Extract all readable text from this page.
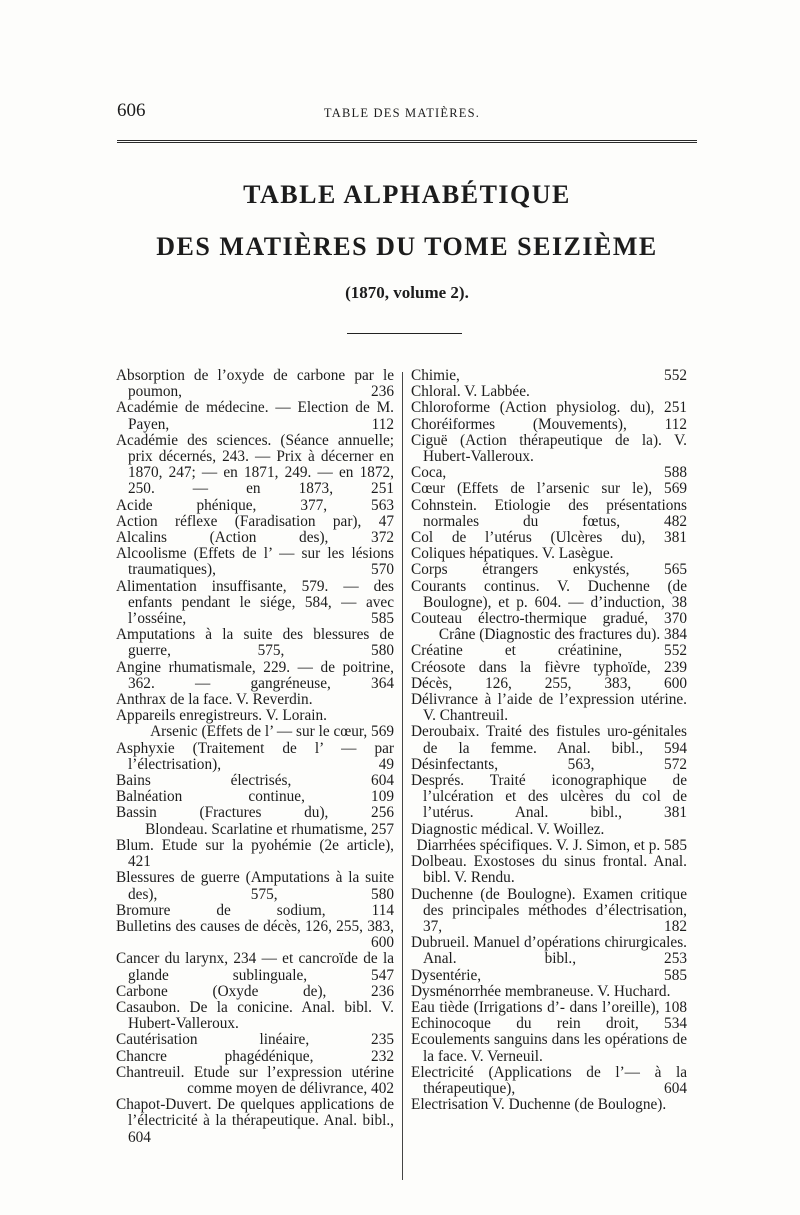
606	TABLE DES MATIÈRES.
TABLE ALPHABÉTIQUE
DES MATIÈRES DU TOME SEIZIÈME
(1870, volume 2).
Absorption de l’oxyde de carbone par le poumon, 236
Académie de médecine. — Election de M. Payen, 112
Académie des sciences. (Séance annuelle; prix décernés, 243. — Prix à décerner en 1870, 247; — en 1871, 249. — en 1872, 250. — en 1873, 251
Acide phénique, 377, 563
Action réflexe (Faradisation par), 47
Alcalins (Action des), 372
Alcoolisme (Effets de l’ — sur les lésions traumatiques), 570
Alimentation insuffisante, 579. — des enfants pendant le siége, 584, — avec l’osséine, 585
Amputations à la suite des blessures de guerre, 575, 580
Angine rhumatismale, 229. — de poitrine, 362. — gangréneuse, 364
Anthrax de la face. V. Reverdin.
Appareils enregistreurs. V. Lorain.
Arsenic (Effets de l’ — sur le cœur, 569
Asphyxie (Traitement de l’ — par l’électrisation), 49
Bains électrisés, 604
Balnéation continue, 109
Bassin (Fractures du), 256
Blondeau. Scarlatine et rhumatisme, 257
Blum. Etude sur la pyohémie (2e article), 421
Blessures de guerre (Amputations à la suite des), 575, 580
Bromure de sodium, 114
Bulletins des causes de décès, 126, 255, 383, 600
Cancer du larynx, 234 — et cancroïde de la glande sublinguale, 547
Carbone (Oxyde de), 236
Casaubon. De la conicine. Anal. bibl. V. Hubert-Valleroux.
Cautérisation linéaire, 235
Chancre phagédénique, 232
Chantreuil. Etude sur l’expression utérine comme moyen de délivrance, 402
Chapot-Duvert. De quelques applications de l’électricité à la thérapeutique. Anal. bibl., 604
Chimie, 552
Chloral. V. Labbée.
Chloroforme (Action physiolog. du), 251
Choréiformes (Mouvements), 112
Ciguë (Action thérapeutique de la). V. Hubert-Valleroux.
Coca, 588
Cœur (Effets de l’arsenic sur le), 569
Cohnstein. Etiologie des présentations normales du fœtus, 482
Col de l’utérus (Ulcères du), 381
Coliques hépatiques. V. Lasègue.
Corps étrangers enkystés, 565
Courants continus. V. Duchenne (de Boulogne), et p. 604. — d’induction, 38
Couteau électro-thermique gradué, 370
Crâne (Diagnostic des fractures du). 384
Créatine et créatinine, 552
Créosote dans la fièvre typhoïde, 239
Décès, 126, 255, 383, 600
Délivrance à l’aide de l’expression utérine. V. Chantreuil.
Deroubaix. Traité des fistules uro-génitales de la femme. Anal. bibl., 594
Désinfectants, 563, 572
Després. Traité iconographique de l’ulcération et des ulcères du col de l’utérus. Anal. bibl., 381
Diagnostic médical. V. Woillez.
Diarrhées spécifiques. V. J. Simon, et p. 585
Dolbeau. Exostoses du sinus frontal. Anal. bibl. V. Rendu.
Duchenne (de Boulogne). Examen critique des principales méthodes d’électrisation, 37, 182
Dubrueil. Manuel d’opérations chirurgicales. Anal. bibl., 253
Dysentérie, 585
Dysménorrhée membraneuse. V. Huchard.
Eau tiède (Irrigations d’- dans l’oreille), 108
Echinocoque du rein droit, 534
Ecoulements sanguins dans les opérations de la face. V. Verneuil.
Electricité (Applications de l’— à la thérapeutique), 604
Electrisation V. Duchenne (de Boulogne).
